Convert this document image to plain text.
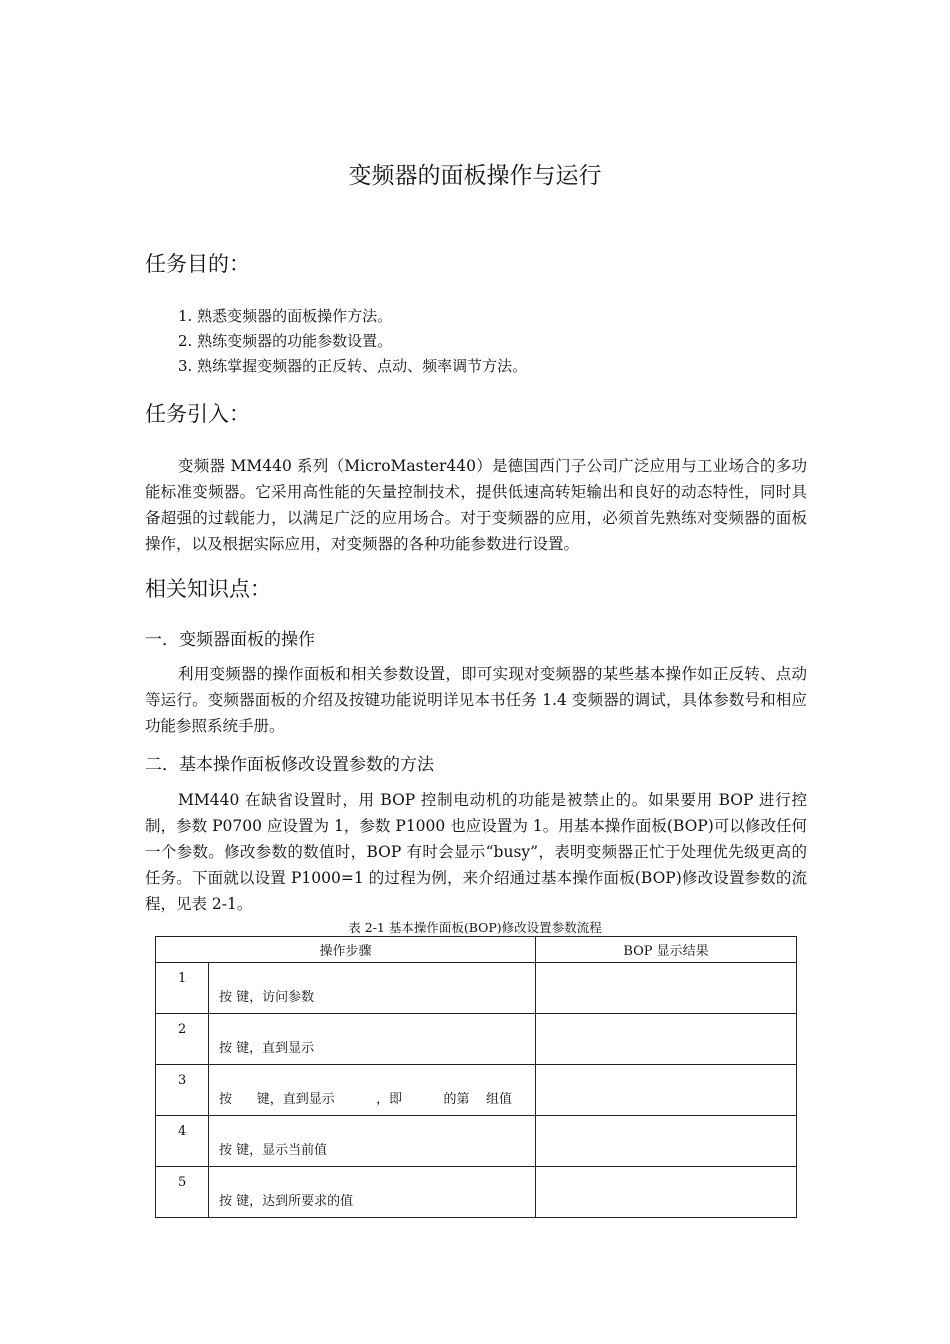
变频器的面板操作与运行
任务目的：
1. 熟悉变频器的面板操作方法。
2. 熟练变频器的功能参数设置。
3. 熟练掌握变频器的正反转、点动、频率调节方法。
任务引入：
变频器 MM440 系列（MicroMaster440）是德国西门子公司广泛应用与工业场合的多功能标准变频器。它采用高性能的矢量控制技术，提供低速高转矩输出和良好的动态特性，同时具备超强的过载能力，以满足广泛的应用场合。对于变频器的应用，必须首先熟练对变频器的面板操作，以及根据实际应用，对变频器的各种功能参数进行设置。
相关知识点：
一．变频器面板的操作
利用变频器的操作面板和相关参数设置，即可实现对变频器的某些基本操作如正反转、点动等运行。变频器面板的介绍及按键功能说明详见本书任务 1.4 变频器的调试，具体参数号和相应功能参照系统手册。
二．基本操作面板修改设置参数的方法
MM440 在缺省设置时，用 BOP 控制电动机的功能是被禁止的。如果要用 BOP 进行控制，参数 P0700 应设置为 1，参数 P1000 也应设置为 1。用基本操作面板(BOP)可以修改任何一个参数。修改参数的数值时，BOP 有时会显示“busy”，表明变频器正忙于处理优先级更高的任务。下面就以设置 P1000=1 的过程为例，来介绍通过基本操作面板(BOP)修改设置参数的流程，见表 2-1。
表 2-1 基本操作面板(BOP)修改设置参数流程
操作步骤		BOP 显示结果
1	按 键，访问参数	
2	按 键，直到显示	
3	按      键，直到显示          ，即          的第    组值	
4	按 键，显示当前值	
5	按 键，达到所要求的值	
